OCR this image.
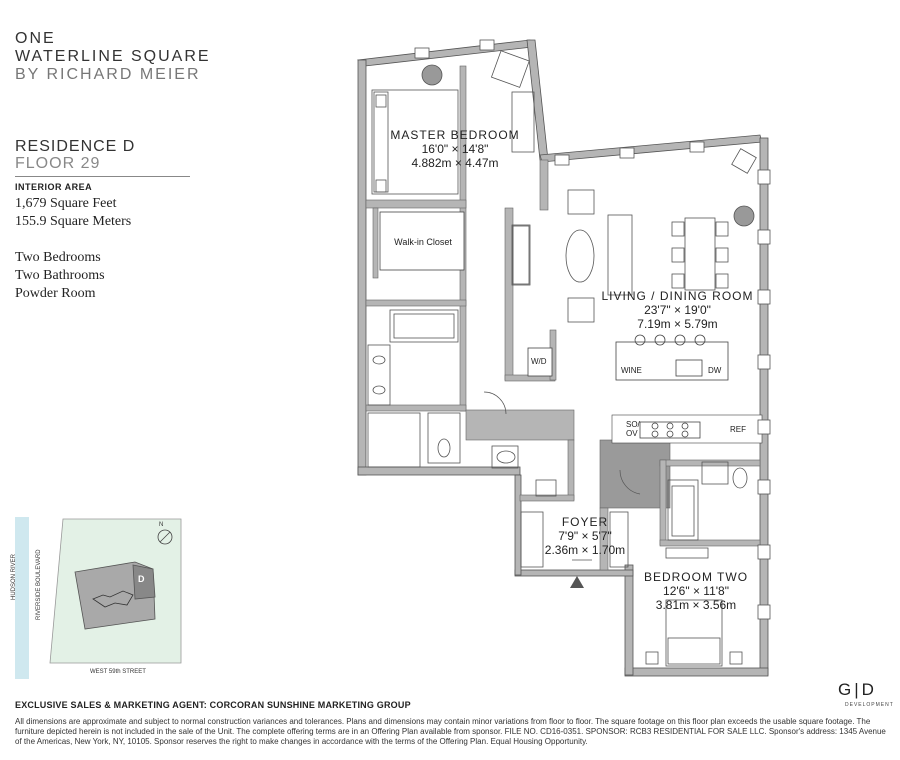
ONE
WATERLINE SQUARE
BY RICHARD MEIER
RESIDENCE D
FLOOR 29
INTERIOR AREA
1,679 Square Feet
155.9 Square Meters
Two Bedrooms
Two Bathrooms
Powder Room
MASTER BEDROOM
16'0" × 14'8"
4.882m × 4.47m
Walk-in Closet
LIVING / DINING ROOM
23'7" × 19'0"
7.19m × 5.79m
FOYER
7'9" × 5'7"
2.36m × 1.70m
BEDROOM TWO
12'6" × 11'8"
3.81m × 3.56m
W/D
WINE	DW
SO/
OV	REF
HUDSON RIVER	RIVERSIDE BOULEVARD
WEST 59th STREET
D
N
G|D
DEVELOPMENT
EXCLUSIVE SALES & MARKETING AGENT: CORCORAN SUNSHINE MARKETING GROUP
All dimensions are approximate and subject to normal construction variances and tolerances. Plans and dimensions may contain minor variations from floor to floor. The square footage on this floor plan exceeds the usable square footage. The furniture depicted herein is not included in the sale of the Unit. The complete offering terms are in an Offering Plan available from sponsor. FILE NO. CD16-0351. SPONSOR: RCB3 RESIDENTIAL FOR SALE LLC. Sponsor's address: 1345 Avenue of the Americas, New York, NY, 10105. Sponsor reserves the right to make changes in accordance with the terms of the Offering Plan. Equal Housing Opportunity.
